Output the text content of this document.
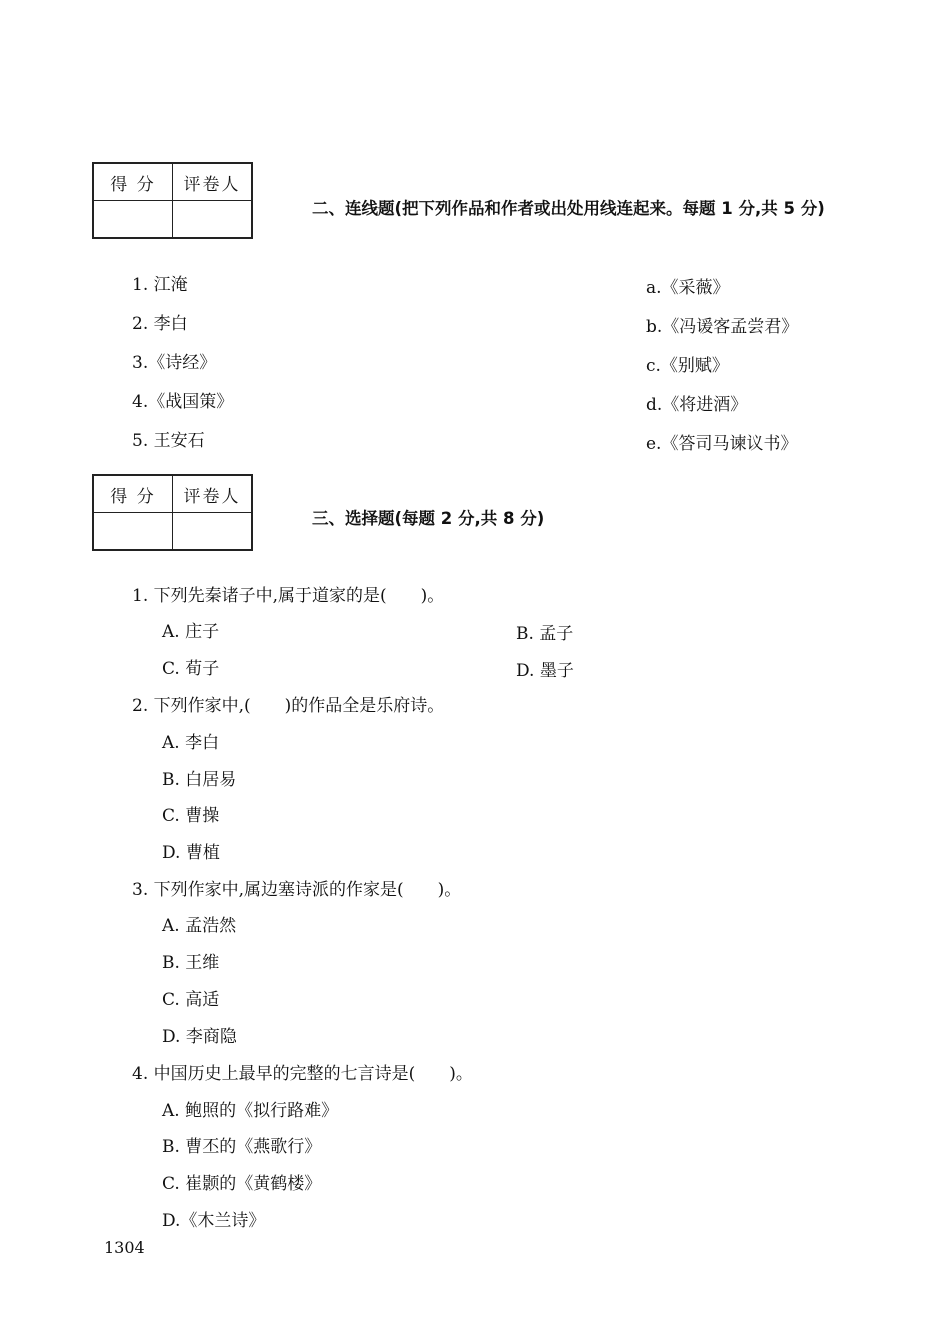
得 分	评卷人

二、连线题(把下列作品和作者或出处用线连起来。每题 1 分,共 5 分)
1. 江淹
2. 李白
3.《诗经》
4.《战国策》
5. 王安石
a.《采薇》
b.《冯谖客孟尝君》
c.《别赋》
d.《将进酒》
e.《答司马谏议书》
得 分	评卷人

三、选择题(每题 2 分,共 8 分)
1. 下列先秦诸子中,属于道家的是(　　)。
A. 庄子	B. 孟子
C. 荀子	D. 墨子
2. 下列作家中,(　　)的作品全是乐府诗。
A. 李白
B. 白居易
C. 曹操
D. 曹植
3. 下列作家中,属边塞诗派的作家是(　　)。
A. 孟浩然
B. 王维
C. 高适
D. 李商隐
4. 中国历史上最早的完整的七言诗是(　　)。
A. 鲍照的《拟行路难》
B. 曹丕的《燕歌行》
C. 崔颢的《黄鹤楼》
D.《木兰诗》
1304
